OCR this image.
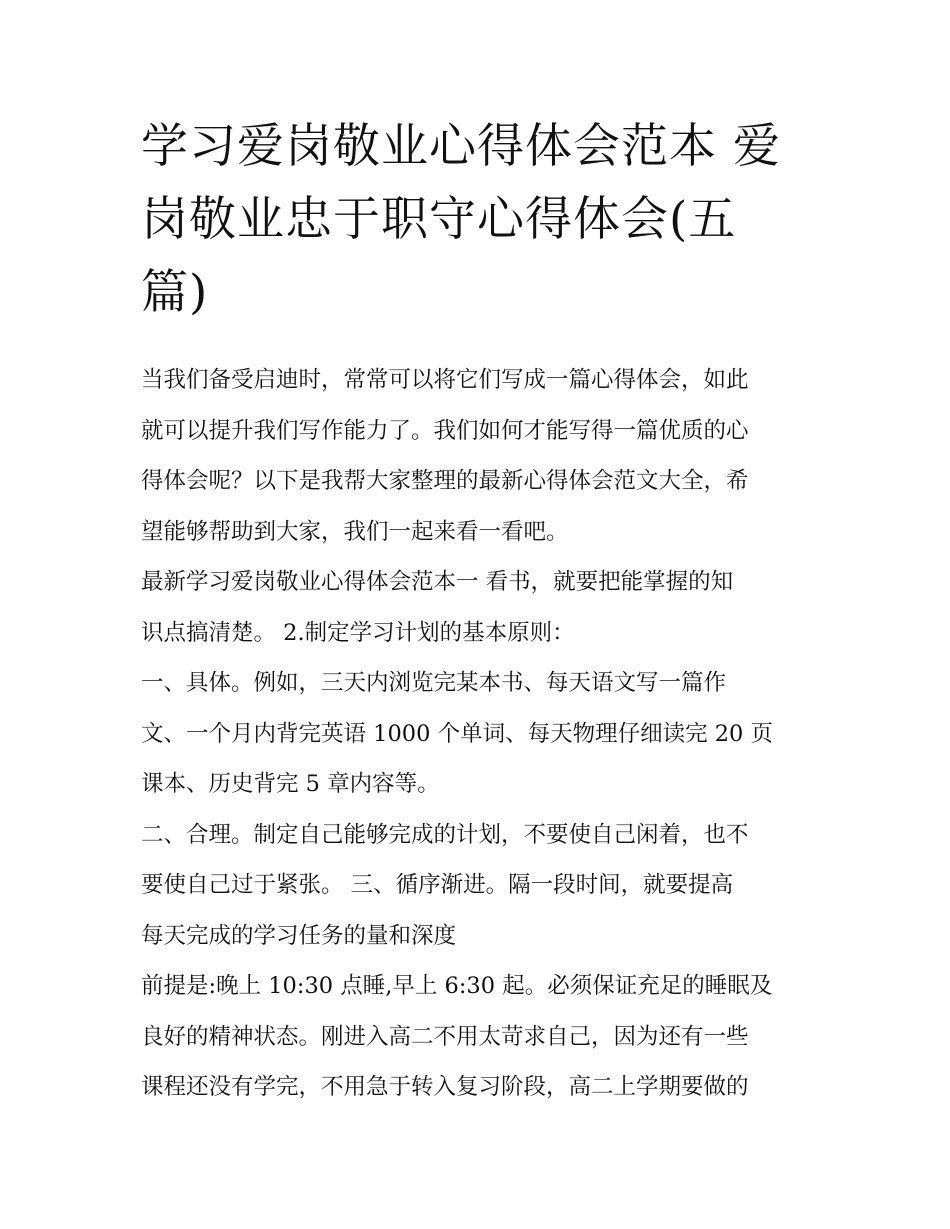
学习爱岗敬业心得体会范本 爱
岗敬业忠于职守心得体会(五
篇)
当我们备受启迪时，常常可以将它们写成一篇心得体会，如此
就可以提升我们写作能力了。我们如何才能写得一篇优质的心
得体会呢？以下是我帮大家整理的最新心得体会范文大全，希
望能够帮助到大家，我们一起来看一看吧。
最新学习爱岗敬业心得体会范本一 看书，就要把能掌握的知
识点搞清楚。 2.制定学习计划的基本原则：
一、具体。例如，三天内浏览完某本书、每天语文写一篇作
文、一个月内背完英语 1000 个单词、每天物理仔细读完 20 页
课本、历史背完 5 章内容等。
二、合理。制定自己能够完成的计划，不要使自己闲着，也不
要使自己过于紧张。 三、循序渐进。隔一段时间，就要提高
每天完成的学习任务的量和深度
前提是:晚上 10:30 点睡,早上 6:30 起。必须保证充足的睡眠及
良好的精神状态。刚进入高二不用太苛求自己，因为还有一些
课程还没有学完，不用急于转入复习阶段，高二上学期要做的
